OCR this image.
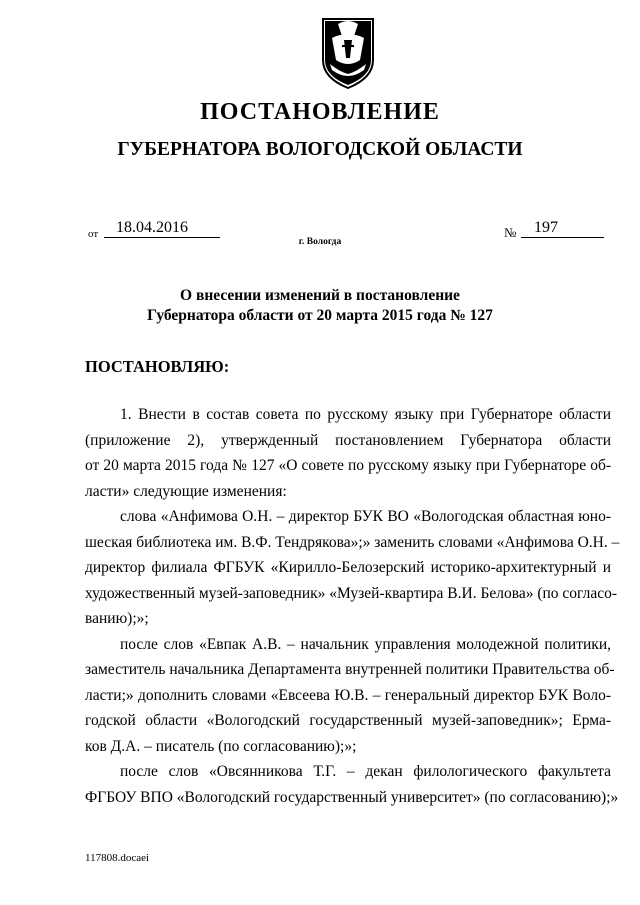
ПОСТАНОВЛЕНИЕ
ГУБЕРНАТОРА ВОЛОГОДСКОЙ ОБЛАСТИ
от	18.04.2016	№	197
г. Вологда
О внесении изменений в постановление
Губернатора области от 20 марта 2015 года № 127
ПОСТАНОВЛЯЮ:
1. Внести в состав совета по русскому языку при Губернаторе области
(приложение 2), утвержденный постановлением Губернатора области
от 20 марта 2015 года № 127 «О совете по русскому языку при Губернаторе об-
ласти» следующие изменения:
слова «Анфимова О.Н. – директор БУК ВО «Вологодская областная юно-
шеская библиотека им. В.Ф. Тендрякова»;» заменить словами «Анфимова О.Н. –
директор филиала ФГБУК «Кирилло-Белозерский историко-архитектурный и
художественный музей-заповедник» «Музей-квартира В.И. Белова» (по согласо-
ванию);»;
после слов «Евпак А.В. – начальник управления молодежной политики,
заместитель начальника Департамента внутренней политики Правительства об-
ласти;» дополнить словами «Евсеева Ю.В. – генеральный директор БУК Воло-
годской области «Вологодский государственный музей-заповедник»; Ерма-
ков Д.А. – писатель (по согласованию);»;
после слов «Овсянникова Т.Г. – декан филологического факультета
ФГБОУ ВПО «Вологодский государственный университет» (по согласованию);»
117808.docaei
